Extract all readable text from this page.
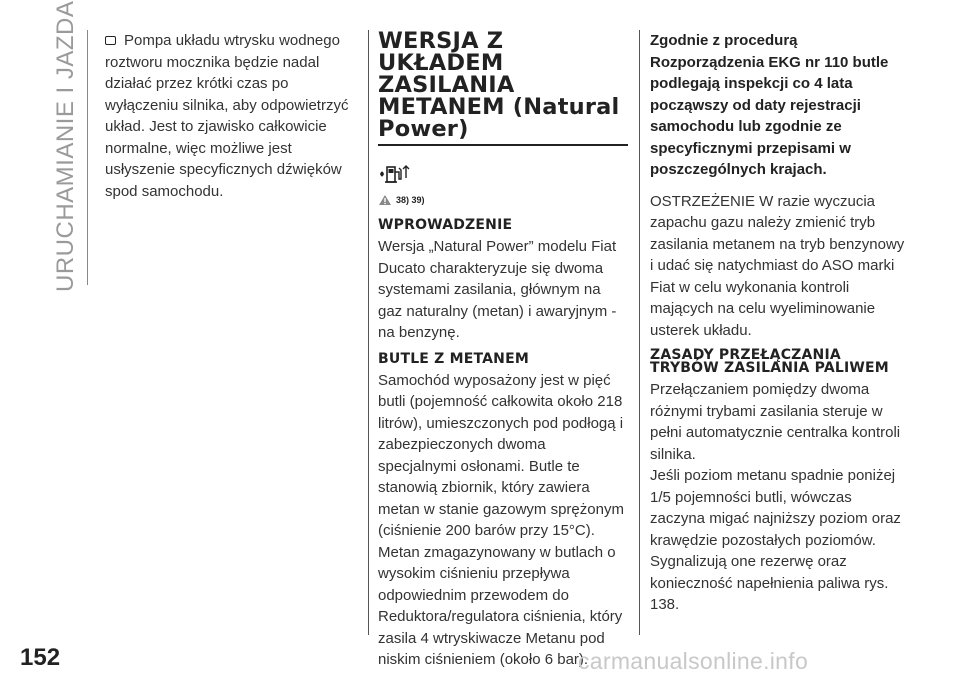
URUCHAMIANIE I JAZDA
152

Pompa układu wtrysku wodnego roztworu mocznika będzie nadal działać przez krótki czas po wyłączeniu silnika, aby odpowietrzyć układ. Jest to zjawisko całkowicie normalne, więc możliwe jest usłyszenie specyficznych dźwięków spod samochodu.

WERSJA Z UKŁADEM ZASILANIA METANEM (Natural Power)
38) 39)
WPROWADZENIE

Wersja „Natural Power” modelu Fiat Ducato charakteryzuje się dwoma systemami zasilania, głównym na gaz naturalny (metan) i awaryjnym - na benzynę.

BUTLE Z METANEM

Samochód wyposażony jest w pięć butli (pojemność całkowita około 218 litrów), umieszczonych pod podłogą i zabezpieczonych dwoma specjalnymi osłonami. Butle te stanowią zbiornik, który zawiera metan w stanie gazowym sprężonym (ciśnienie 200 barów przy 15°C). Metan zmagazynowany w butlach o wysokim ciśnieniu przepływa odpowiednim przewodem do Reduktora/regulatora ciśnienia, który zasila 4 wtryskiwacze Metanu pod niskim ciśnieniem (około 6 bar).

Zgodnie z procedurą Rozporządzenia EKG nr 110 butle podlegają inspekcji co 4 lata począwszy od daty rejestracji samochodu lub zgodnie ze specyficznymi przepisami w poszczególnych krajach.

OSTRZEŻENIE W razie wyczucia zapachu gazu należy zmienić tryb zasilania metanem na tryb benzynowy i udać się natychmiast do ASO marki Fiat w celu wykonania kontroli mających na celu wyeliminowanie usterek układu.

ZASADY PRZEŁĄCZANIA TRYBÓW ZASILANIA PALIWEM

Przełączaniem pomiędzy dwoma różnymi trybami zasilania steruje w pełni automatycznie centralka kontroli silnika.

Jeśli poziom metanu spadnie poniżej 1/5 pojemności butli, wówczas zaczyna migać najniższy poziom oraz krawędzie pozostałych poziomów. Sygnalizują one rezerwę oraz konieczność napełnienia paliwa rys. 138.

carmanualsonline.info
